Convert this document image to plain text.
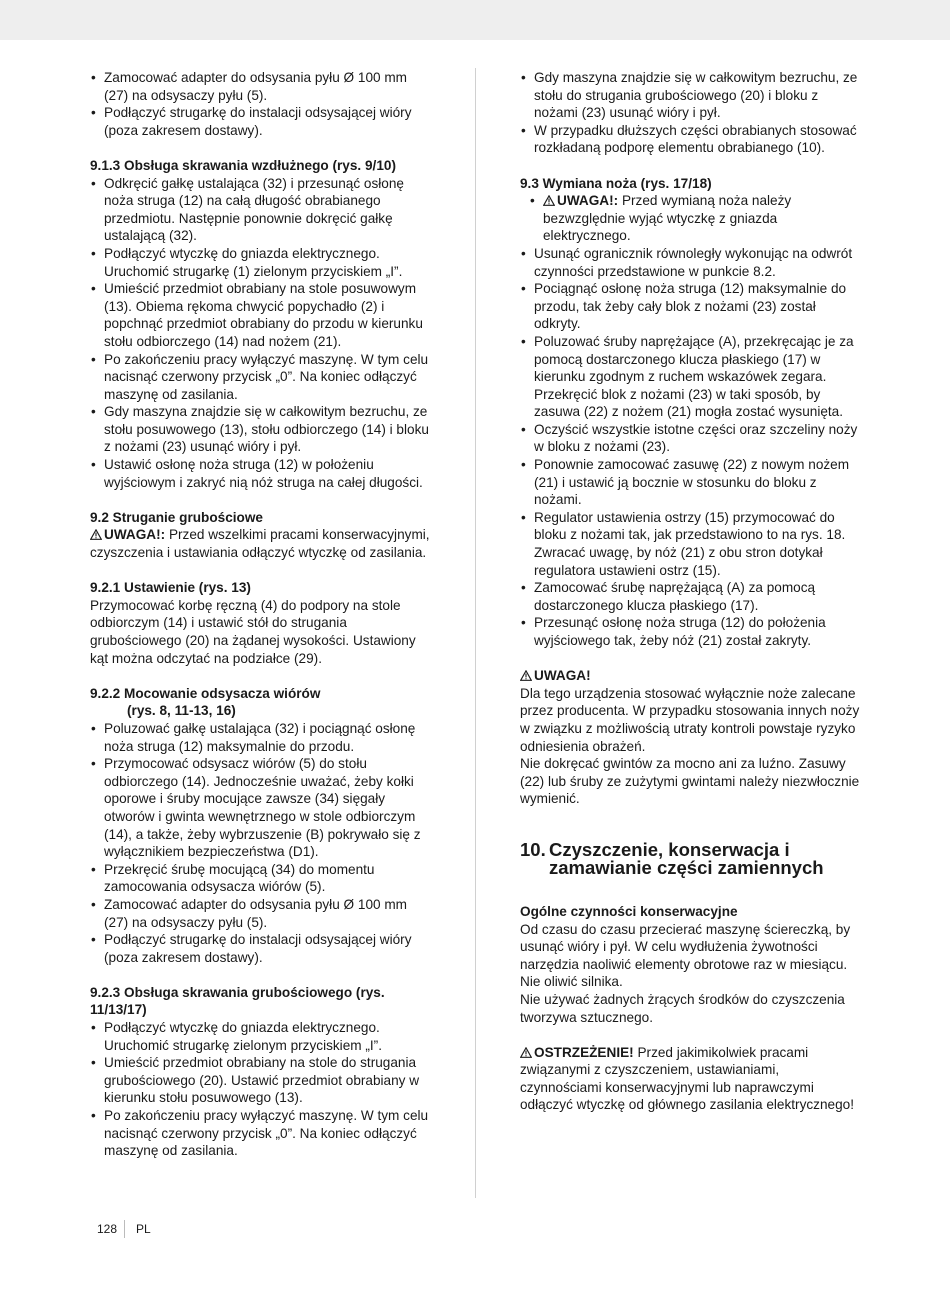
• Zamocować adapter do odsysania pyłu Ø 100 mm (27) na odsysaczy pyłu (5).
• Podłączyć strugarkę do instalacji odsysającej wióry (poza zakresem dostawy).

9.1.3 Obsługa skrawania wzdłużnego (rys. 9/10)

• Odkręcić gałkę ustalająca (32) i przesunąć osłonę noża struga (12) na całą długość obrabianego przedmiotu. Następnie ponownie dokręcić gałkę ustalającą (32).
• Podłączyć wtyczkę do gniazda elektrycznego. Uruchomić strugarkę (1) zielonym przyciskiem „I”.
• Umieścić przedmiot obrabiany na stole posuwowym (13). Obiema rękoma chwycić popychadło (2) i popchnąć przedmiot obrabiany do przodu w kierunku stołu odbiorczego (14) nad nożem (21).
• Po zakończeniu pracy wyłączyć maszynę. W tym celu nacisnąć czerwony przycisk „0”. Na koniec odłączyć maszynę od zasilania.
• Gdy maszyna znajdzie się w całkowitym bezruchu, ze stołu posuwowego (13), stołu odbiorczego (14) i bloku z nożami (23) usunąć wióry i pył.
• Ustawić osłonę noża struga (12) w położeniu wyjściowym i zakryć nią nóż struga na całej długości.

9.2 Struganie grubościowe

UWAGA!: Przed wszelkimi pracami konserwacyjnymi, czyszczenia i ustawiania odłączyć wtyczkę od zasilania.

9.2.1 Ustawienie (rys. 13)

Przymocować korbę ręczną (4) do podpory na stole odbiorczym (14) i ustawić stół do strugania grubościowego (20) na żądanej wysokości. Ustawiony kąt można odczytać na podziałce (29).

9.2.2 Mocowanie odsysacza wiórów

(rys. 8, 11-13, 16)

• Poluzować gałkę ustalająca (32) i pociągnąć osłonę noża struga (12) maksymalnie do przodu.
• Przymocować odsysacz wiórów (5) do stołu odbiorczego (14). Jednocześnie uważać, żeby kołki oporowe i śruby mocujące zawsze (34) sięgały otworów i gwinta wewnętrznego w stole odbiorczym (14), a także, żeby wybrzuszenie (B) pokrywało się z wyłącznikiem bezpieczeństwa (D1).
• Przekręcić śrubę mocującą (34) do momentu zamocowania odsysacza wiórów (5).
• Zamocować adapter do odsysania pyłu Ø 100 mm (27) na odsysaczy pyłu (5).
• Podłączyć strugarkę do instalacji odsysającej wióry (poza zakresem dostawy).

9.2.3 Obsługa skrawania grubościowego (rys. 11/13/17)

• Podłączyć wtyczkę do gniazda elektrycznego. Uruchomić strugarkę zielonym przyciskiem „I”.
• Umieścić przedmiot obrabiany na stole do strugania grubościowego (20). Ustawić przedmiot obrabiany w kierunku stołu posuwowego (13).
• Po zakończeniu pracy wyłączyć maszynę. W tym celu nacisnąć czerwony przycisk „0”. Na koniec odłączyć maszynę od zasilania.
• Gdy maszyna znajdzie się w całkowitym bezruchu, ze stołu do strugania grubościowego (20) i bloku z nożami (23) usunąć wióry i pył.
• W przypadku dłuższych części obrabianych stosować rozkładaną podporę elementu obrabianego (10).

9.3 Wymiana noża (rys. 17/18)

• UWAGA!: Przed wymianą noża należy bezwzględnie wyjąć wtyczkę z gniazda elektrycznego.
• Usunąć ogranicznik równoległy wykonując na odwrót czynności przedstawione w punkcie 8.2.
• Pociągnąć osłonę noża struga (12) maksymalnie do przodu, tak żeby cały blok z nożami (23) został odkryty.
• Poluzować śruby naprężające (A), przekręcając je za pomocą dostarczonego klucza płaskiego (17) w kierunku zgodnym z ruchem wskazówek zegara. Przekręcić blok z nożami (23) w taki sposób, by zasuwa (22) z nożem (21) mogła zostać wysunięta.
• Oczyścić wszystkie istotne części oraz szczeliny noży w bloku z nożami (23).
• Ponownie zamocować zasuwę (22) z nowym nożem (21) i ustawić ją bocznie w stosunku do bloku z nożami.
• Regulator ustawienia ostrzy (15) przymocować do bloku z nożami tak, jak przedstawiono to na rys. 18. Zwracać uwagę, by nóż (21) z obu stron dotykał regulatora ustawieni ostrz (15).
• Zamocować śrubę naprężającą (A) za pomocą dostarczonego klucza płaskiego (17).
• Przesunąć osłonę noża struga (12) do położenia wyjściowego tak, żeby nóż (21) został zakryty.

UWAGA!

Dla tego urządzenia stosować wyłącznie noże zalecane przez producenta. W przypadku stosowania innych noży w związku z możliwością utraty kontroli powstaje ryzyko odniesienia obrażeń.

Nie dokręcać gwintów za mocno ani za luźno. Zasuwy (22) lub śruby ze zużytymi gwintami należy niezwłocznie wymienić.

10. Czyszczenie, konserwacja i zamawianie części zamiennych

Ogólne czynności konserwacyjne

Od czasu do czasu przecierać maszynę ściereczką, by usunąć wióry i pył. W celu wydłużenia żywotności narzędzia naoliwić elementy obrotowe raz w miesiącu. Nie oliwić silnika.

Nie używać żadnych żrących środków do czyszczenia tworzywa sztucznego.

OSTRZEŻENIE! Przed jakimikolwiek pracami związanymi z czyszczeniem, ustawianiami, czynnościami konserwacyjnymi lub naprawczymi odłączyć wtyczkę od głównego zasilania elektrycznego!

128 PL
